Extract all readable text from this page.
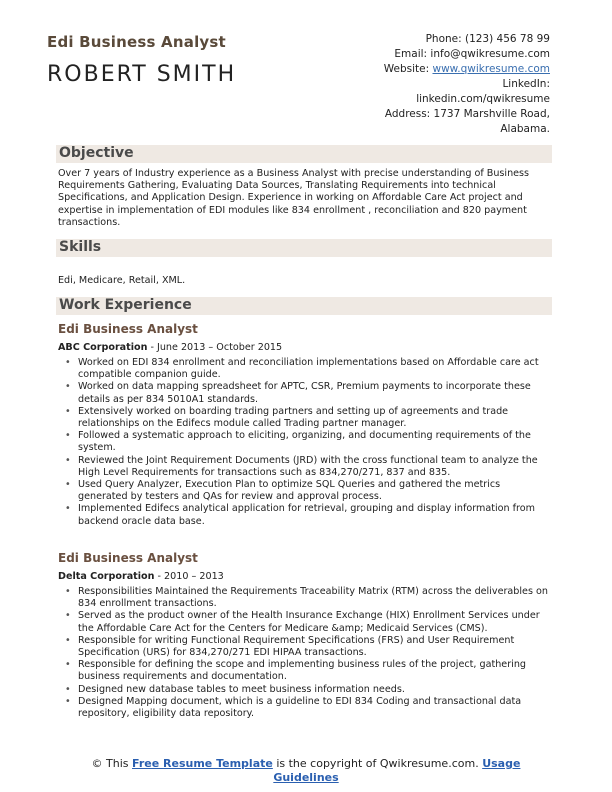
Edi Business Analyst
ROBERT SMITH
Phone: (123) 456 78 99
Email: info@qwikresume.com
Website: www.qwikresume.com
LinkedIn:
linkedin.com/qwikresume
Address: 1737 Marshville Road,
Alabama.
Objective
Over 7 years of Industry experience as a Business Analyst with precise understanding of Business Requirements Gathering, Evaluating Data Sources, Translating Requirements into technical Specifications, and Application Design. Experience in working on Affordable Care Act project and expertise in implementation of EDI modules like 834 enrollment , reconciliation and 820 payment transactions.
Skills
Edi, Medicare, Retail, XML.
Work Experience
Edi Business Analyst
ABC Corporation - June 2013 – October 2015
• Worked on EDI 834 enrollment and reconciliation implementations based on Affordable care act compatible companion guide.
• Worked on data mapping spreadsheet for APTC, CSR, Premium payments to incorporate these details as per 834 5010A1 standards.
• Extensively worked on boarding trading partners and setting up of agreements and trade relationships on the Edifecs module called Trading partner manager.
• Followed a systematic approach to eliciting, organizing, and documenting requirements of the system.
• Reviewed the Joint Requirement Documents (JRD) with the cross functional team to analyze the High Level Requirements for transactions such as 834,270/271, 837 and 835.
• Used Query Analyzer, Execution Plan to optimize SQL Queries and gathered the metrics generated by testers and QAs for review and approval process.
• Implemented Edifecs analytical application for retrieval, grouping and display information from backend oracle data base.
Edi Business Analyst
Delta Corporation - 2010 – 2013
• Responsibilities Maintained the Requirements Traceability Matrix (RTM) across the deliverables on 834 enrollment transactions.
• Served as the product owner of the Health Insurance Exchange (HIX) Enrollment Services under the Affordable Care Act for the Centers for Medicare &amp; Medicaid Services (CMS).
• Responsible for writing Functional Requirement Specifications (FRS) and User Requirement Specification (URS) for 834,270/271 EDI HIPAA transactions.
• Responsible for defining the scope and implementing business rules of the project, gathering business requirements and documentation.
• Designed new database tables to meet business information needs.
• Designed Mapping document, which is a guideline to EDI 834 Coding and transactional data repository, eligibility data repository.
© This Free Resume Template is the copyright of Qwikresume.com. Usage
Guidelines
